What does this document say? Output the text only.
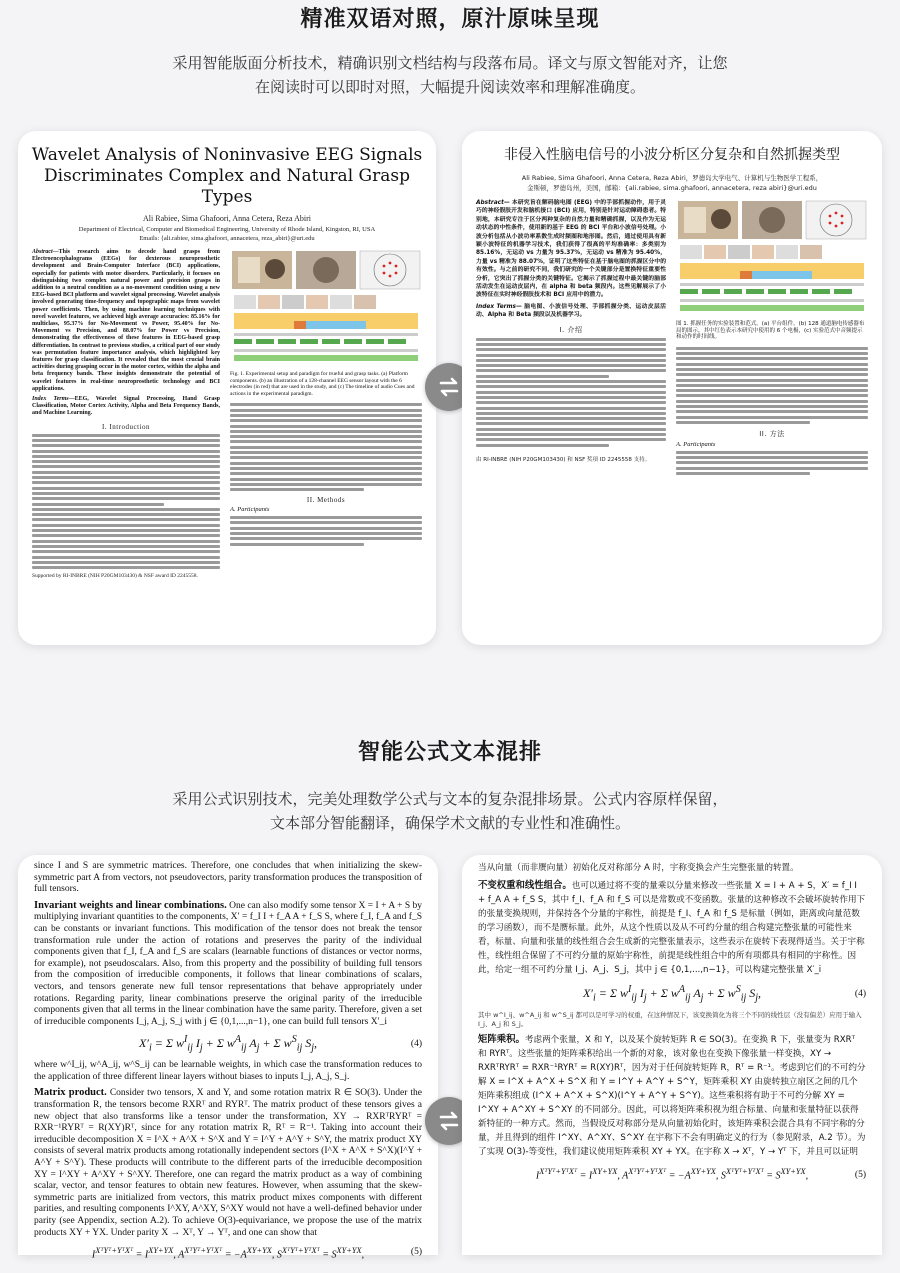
精准双语对照，原汁原味呈现
采用智能版面分析技术，精确识别文档结构与段落布局。译文与原文智能对齐，让您
在阅读时可以即时对照，大幅提升阅读效率和理解准确度。
Wavelet Analysis of Noninvasive EEG Signals
Discriminates Complex and Natural Grasp Types
Ali Rabiee, Sima Ghafoori, Anna Cetera, Reza Abiri
Department of Electrical, Computer and Biomedical Engineering, University of Rhode Island, Kingston, RI, USA
Emails: {ali.rabiee, sima.ghafoori, annacetera, reza_abiri}@uri.edu
Abstract—This research aims to decode hand grasps from Electroencephalograms (EEGs) for dexterous neuroprosthetic development and Brain-Computer Interface (BCI) applications, especially for patients with motor disorders. Particularly, it focuses on distinguishing two complex natural power and precision grasps in addition to a neutral condition as a no-movement condition using a new EEG-based BCI platform and wavelet signal processing. Wavelet analysis involved generating time-frequency and topographic maps from wavelet power coefficients. Then, by using machine learning techniques with novel wavelet features, we achieved high average accuracies: 85.16% for multiclass, 95.37% for No-Movement vs Power, 95.40% for No-Movement vs Precision, and 88.07% for Power vs Precision, demonstrating the effectiveness of these features in EEG-based grasp differentiation. In contrast to previous studies, a critical part of our study was permutation feature importance analysis, which highlighted key features for grasp classification. It revealed that the most crucial brain activities during grasping occur in the motor cortex, within the alpha and beta frequency bands. These insights demonstrate the potential of wavelet features in real-time neuroprosthetic technology and BCI applications.
Index Terms—EEG, Wavelet Signal Processing, Hand Grasp Classification, Motor Cortex Activity, Alpha and Beta Frequency Bands, and Machine Learning.
I. Introduction
Supported by RI-INBRE (NIH P20GM103430) & NSF award ID 2245558.
Fig. 1. Experimental setup and paradigm for trueful and grasp tasks. (a) Platform components. (b) an illustration of a 128-channel EEG sensor layout with the 6 electrodes (in red) that are used in the study, and (c) The timeline of audio Cues and actions in the experimental paradigm.
II. Methods
A. Participants
非侵入性脑电信号的小波分析区分复杂和自然抓握类型
Ali Rabiee, Sima Ghafoori, Anna Cetera, Reza Abiri，罗德岛大学电气、计算机与生物医学工程系，
金斯顿，罗德岛州，美国，邮箱：{ali.rabiee, sima.ghafoori, annacetera, reza abiri}@uri.edu
Abstract— 本研究旨在解码脑电图 (EEG) 中的手部抓握动作，用于灵巧的神经假肢开发和脑机接口 (BCI) 应用，特别是针对运动障碍患者。特别地，本研究专注于区分两种复杂的自然力量和精确抓握，以及作为无运动状态的中性条件，使用新的基于 EEG 的 BCI 平台和小波信号处理。小波分析包括从小波功率系数生成时频图和地形图。然后，通过使用具有新颖小波特征的机器学习技术，我们获得了很高的平均准确率：多类别为 85.16%，无运动 vs 力量为 95.37%，无运动 vs 精准为 95.40%，力量 vs 精准为 88.07%，证明了这些特征在基于脑电图的抓握区分中的有效性。与之前的研究不同，我们研究的一个关键部分是置换特征重要性分析，它突出了抓握分类的关键特征。它揭示了抓握过程中最关键的脑部活动发生在运动皮层内，在 alpha 和 beta 频段内。这些见解展示了小波特征在实时神经假肢技术和 BCI 应用中的潜力。
Index Terms— 脑电图、小波信号处理、手部抓握分类、运动皮层活动、Alpha 和 Beta 频段以及机器学习。
I. 介绍
由 RI-INBRE (NIH P20GM103430) 和 NSF 奖项 ID 2245558 支持。
图 1. 抓握任务的实验装置和范式。(a) 平台组件，(b) 128 通道脑电传感器布局的图示，其中红色表示本研究中使用的 6 个电极，(c) 实验范式中音频提示和动作的时间线。
II. 方法
A. Participants
智能公式文本混排
采用公式识别技术，完美处理数学公式与文本的复杂混排场景。公式内容原样保留，
文本部分智能翻译，确保学术文献的专业性和准确性。
since I and S are symmetric matrices. Therefore, one concludes that when initializing the skew-symmetric part A from vectors, not pseudovectors, parity transformation produces the transposition of full tensors.
Invariant weights and linear combinations. One can also modify some tensor X = I + A + S by multiplying invariant quantities to the components, X′ = f_I I + f_A A + f_S S, where f_I, f_A and f_S can be constants or invariant functions. This modification of the tensor does not break the tensor transformation rule under the action of rotations and preserves the parity of the individual components given that f_I, f_A and f_S are scalars (learnable functions of distances or vector norms, for example), not pseudoscalars. Also, from this property and the possibility of building full tensors from the composition of irreducible components, it follows that linear combinations of scalars, vectors, and tensors generate new full tensor representations that behave appropriately under rotations. Regarding parity, linear combinations preserve the original parity of the irreducible components given that all terms in the linear combination have the same parity. Therefore, given a set of irreducible components I_j, A_j, S_j with j ∈ {0,1,...,n−1}, one can build full tensors X′_i
$X'_i = \Sigma$ $w^I_{ij}$ $I_j + \Sigma$ $w^A_{ij}$ $A_j + \Sigma$ $w^S_{ij}$ $S_j$,	(4)
where w^I_ij, w^A_ij, w^S_ij can be learnable weights, in which case the transformation reduces to the application of three different linear layers without biases to inputs I_j, A_j, S_j.
Matrix product. Consider two tensors, X and Y, and some rotation matrix R ∈ SO(3). Under the transformation R, the tensors become RXRᵀ and RYRᵀ. The matrix product of these tensors gives a new object that also transforms like a tensor under the transformation, XY → RXRᵀRYRᵀ = RXR⁻¹RYRᵀ = R(XY)Rᵀ, since for any rotation matrix R, Rᵀ = R⁻¹. Taking into account their irreducible decomposition X = I^X + A^X + S^X and Y = I^Y + A^Y + S^Y, the matrix product XY consists of several matrix products among rotationally independent sectors (I^X + A^X + S^X)(I^Y + A^Y + S^Y). These products will contribute to the different parts of the irreducible decomposition XY = I^XY + A^XY + S^XY. Therefore, one can regard the matrix product as a way of combining scalar, vector, and tensor features to obtain new features. However, when assuming that the skew-symmetric parts are initialized from vectors, this matrix product mixes components with different parities, and resulting components I^XY, A^XY, S^XY would not have a well-defined behavior under parity (see Appendix, section A.2). To achieve O(3)-equivariance, we propose the use of the matrix products XY + YX. Under parity X → Xᵀ, Y → Yᵀ, and one can show that
$I^{XᵀYᵀ+YᵀXᵀ} = I^{XY+YX}$, $A^{XᵀYᵀ+YᵀXᵀ} = -A^{XY+YX}$, $S^{XᵀYᵀ+YᵀXᵀ} = S^{XY+YX}$,	(5)
当从向量（而非赝向量）初始化反对称部分 A 时，宇称变换会产生完整张量的转置。
不变权重和线性组合。也可以通过将不变的量乘以分量来修改一些张量 X = I + A + S，X′ = f_I I + f_A A + f_S S，其中 f_I、f_A 和 f_S 可以是常数或不变函数。张量的这种修改不会破坏旋转作用下的张量变换规则，并保持各个分量的宇称性，前提是 f_I、f_A 和 f_S 是标量（例如，距离或向量范数的学习函数），而不是赝标量。此外，从这个性质以及从不可约分量的组合构建完整张量的可能性来看，标量、向量和张量的线性组合会生成新的完整张量表示，这些表示在旋转下表现得适当。关于宇称性，线性组合保留了不可约分量的原始宇称性，前提是线性组合中的所有项都具有相同的宇称性。因此，给定一组不可约分量 I_j、A_j、S_j，其中 j ∈ {0,1,...,n−1}，可以构建完整张量 X′_i
$X'_i = \Sigma$ $w^I_{ij}$ $I_j + \Sigma$ $w^A_{ij}$ $A_j + \Sigma$ $w^S_{ij}$ $S_j$,	(4)
其中 w^I_ij、w^A_ij 和 w^S_ij 都可以是可学习的权重，在这种情况下，该变换简化为将三个不同的线性层（没有偏差）应用于输入 I_j、A_j 和 S_j。
矩阵乘积。考虑两个张量，X 和 Y，以及某个旋转矩阵 R ∈ SO(3)。在变换 R 下，张量变为 RXRᵀ 和 RYRᵀ。这些张量的矩阵乘积给出一个新的对象，该对象也在变换下像张量一样变换，XY → RXRᵀRYRᵀ = RXR⁻¹RYRᵀ = R(XY)Rᵀ，因为对于任何旋转矩阵 R，Rᵀ = R⁻¹。考虑到它们的不可约分解 X = I^X + A^X + S^X 和 Y = I^Y + A^Y + S^Y，矩阵乘积 XY 由旋转独立扇区之间的几个矩阵乘积组成 (I^X + A^X + S^X)(I^Y + A^Y + S^Y)。这些乘积将有助于不可约分解 XY = I^XY + A^XY + S^XY 的不同部分。因此，可以将矩阵乘积视为组合标量、向量和张量特征以获得新特征的一种方式。然而，当假设反对称部分是从向量初始化时，该矩阵乘积会混合具有不同宇称的分量，并且得到的组件 I^XY、A^XY、S^XY 在宇称下不会有明确定义的行为（参见附录，A.2 节）。为了实现 O(3)-等变性，我们建议使用矩阵乘积 XY + YX。在宇称 X → Xᵀ，Y → Yᵀ 下，并且可以证明
$I^{XᵀYᵀ+YᵀXᵀ} = I^{XY+YX}$, $A^{XᵀYᵀ+YᵀXᵀ} = -A^{XY+YX}$, $S^{XᵀYᵀ+YᵀXᵀ} = S^{XY+YX}$,	(5)
